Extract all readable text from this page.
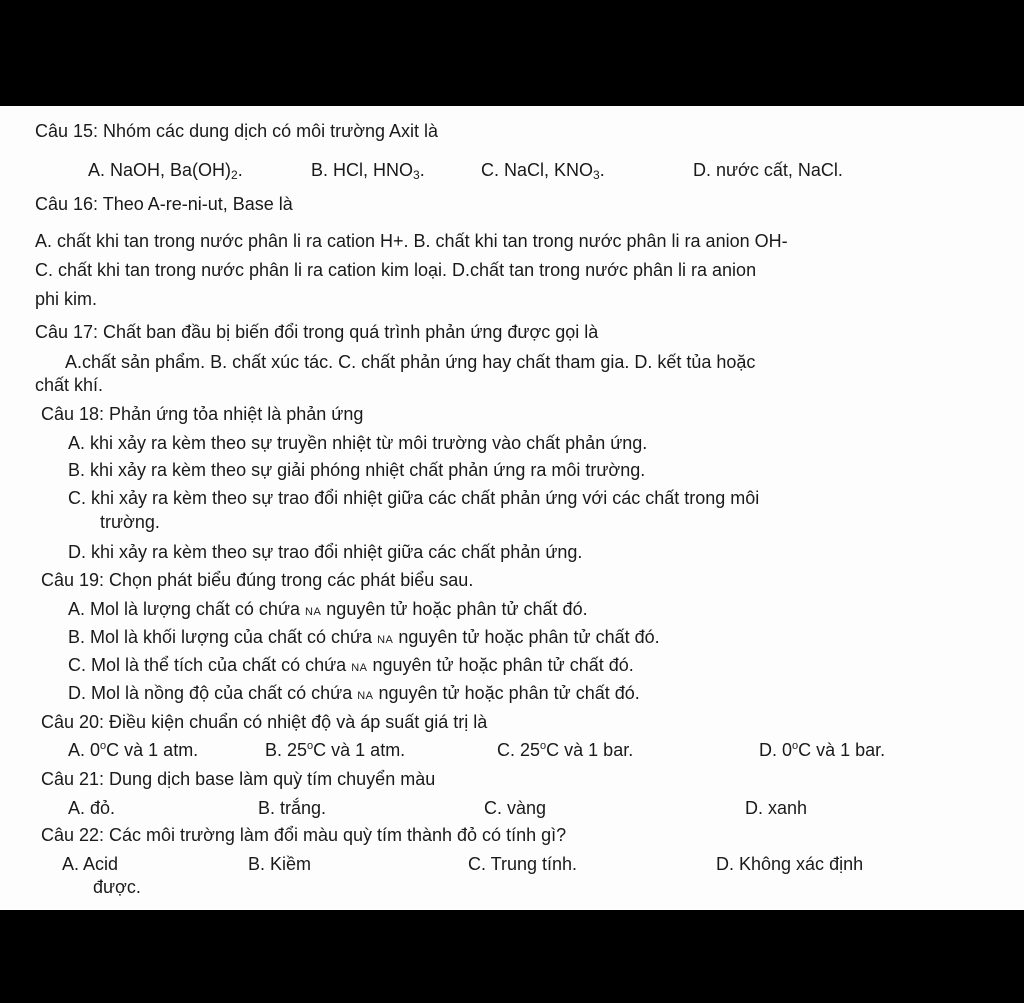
Câu 15: Nhóm các dung dịch có môi trường Axit là
A. NaOH, Ba(OH)2.	B. HCl, HNO3.	C. NaCl, KNO3.	D. nước cất, NaCl.
Câu 16: Theo A-re-ni-ut, Base là
A. chất khi tan trong nước phân li ra cation H+. B. chất khi tan trong nước phân li ra anion OH-
C. chất khi tan trong nước phân li ra cation kim loại. D.chất tan trong nước phân li ra anion
phi kim.
Câu 17: Chất ban đầu bị biến đổi trong quá trình phản ứng được gọi là
A.chất sản phẩm. B. chất xúc tác. C. chất phản ứng hay chất tham gia. D. kết tủa hoặc
chất khí.
Câu 18: Phản ứng tỏa nhiệt là phản ứng
A. khi xảy ra kèm theo sự truyền nhiệt từ môi trường vào chất phản ứng.
B. khi xảy ra kèm theo sự giải phóng nhiệt chất phản ứng ra môi trường.
C. khi xảy ra kèm theo sự trao đổi nhiệt giữa các chất phản ứng với các chất trong môi
trường.
D. khi xảy ra kèm theo sự trao đổi nhiệt giữa các chất phản ứng.
Câu 19: Chọn phát biểu đúng trong các phát biểu sau.
A. Mol là lượng chất có chứa NA nguyên tử hoặc phân tử chất đó.
B. Mol là khối lượng của chất có chứa NA nguyên tử hoặc phân tử chất đó.
C. Mol là thể tích của chất có chứa NA nguyên tử hoặc phân tử chất đó.
D. Mol là nồng độ của chất có chứa NA nguyên tử hoặc phân tử chất đó.
Câu 20: Điều kiện chuẩn có nhiệt độ và áp suất giá trị là
A. 0$^o$C và 1 atm.	B. 25$^o$C và 1 atm.	C. 25$^o$C và 1 bar.	D. 0$^o$C và 1 bar.
Câu 21: Dung dịch base làm quỳ tím chuyển màu
A. đỏ.	B. trắng.	C. vàng	D. xanh
Câu 22: Các môi trường làm đổi màu quỳ tím thành đỏ có tính gì?
A. Acid
được.
B. Kiềm	C. Trung tính.	D. Không xác định
